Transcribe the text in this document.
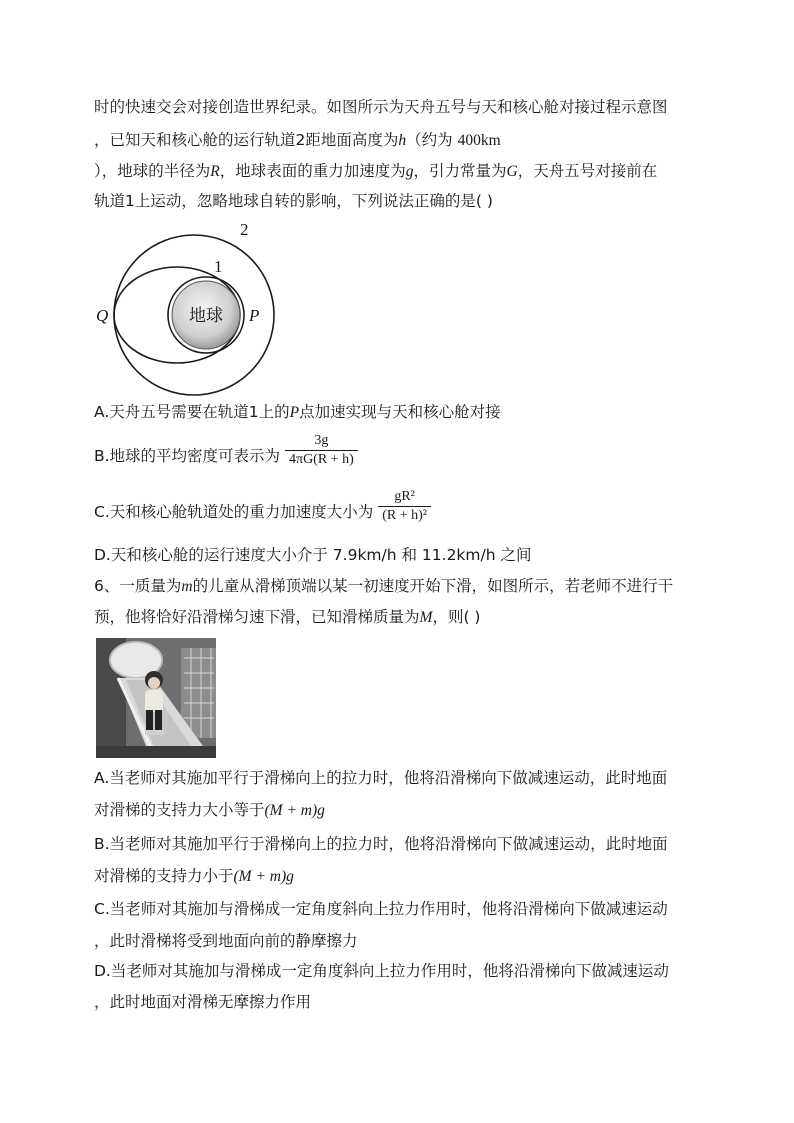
时的快速交会对接创造世界纪录。如图所示为天舟五号与天和核心舱对接过程示意图
，已知天和核心舱的运行轨道2距地面高度为h（约为 400km
），地球的半径为R，地球表面的重力加速度为g，引力常量为G，天舟五号对接前在
轨道1上运动，忽略地球自转的影响，下列说法正确的是( )
地球
2
1
Q	P
A.天舟五号需要在轨道1上的P点加速实现与天和核心舱对接
B.地球的平均密度可表示为 $\frac{3g}{4\pi G(R + h)}$
C.天和核心舱轨道处的重力加速度大小为 $\frac{\text{gR²}}{\text{(R + h)²}}$
D.天和核心舱的运行速度大小介于 7.9km/h 和 11.2km/h 之间
6、一质量为m的儿童从滑梯顶端以某一初速度开始下滑，如图所示，若老师不进行干
预，他将恰好沿滑梯匀速下滑，已知滑梯质量为M，则( )
A.当老师对其施加平行于滑梯向上的拉力时，他将沿滑梯向下做减速运动，此时地面
对滑梯的支持力大小等于(M + m)g
B.当老师对其施加平行于滑梯向上的拉力时，他将沿滑梯向下做减速运动，此时地面
对滑梯的支持力小于(M + m)g
C.当老师对其施加与滑梯成一定角度斜向上拉力作用时，他将沿滑梯向下做减速运动
，此时滑梯将受到地面向前的静摩擦力
D.当老师对其施加与滑梯成一定角度斜向上拉力作用时，他将沿滑梯向下做减速运动
，此时地面对滑梯无摩擦力作用
